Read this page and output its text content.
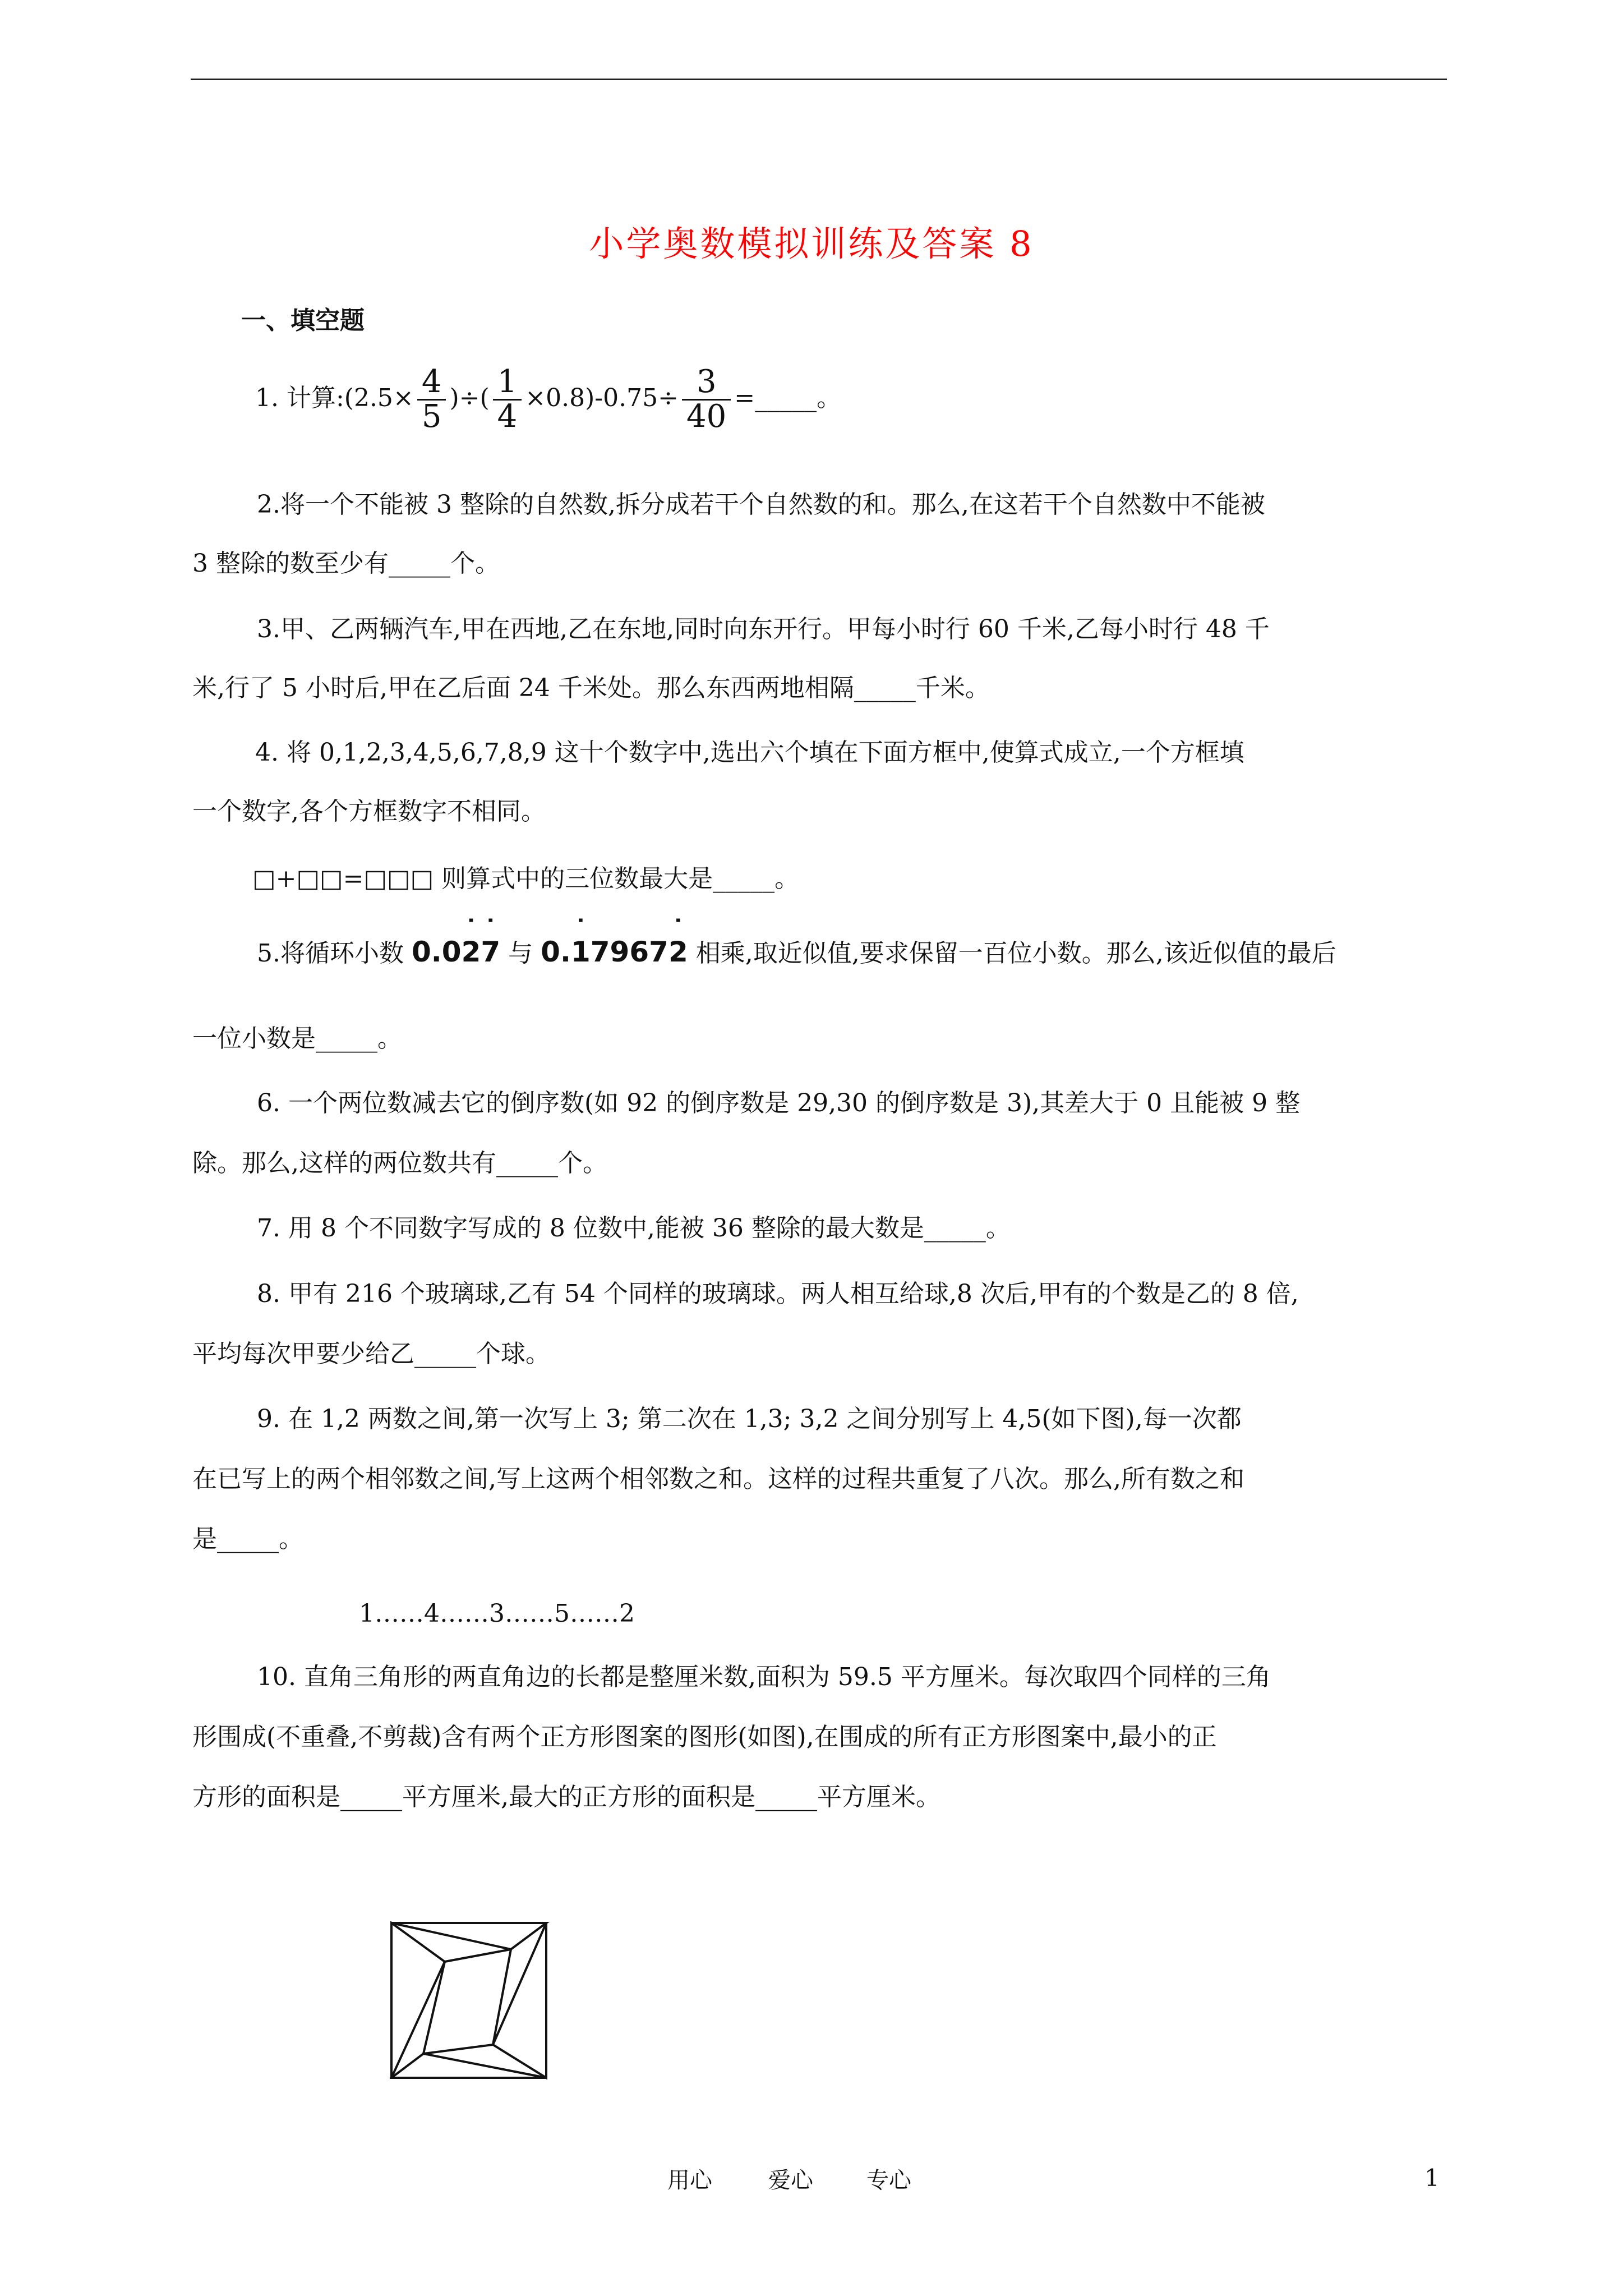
小学奥数模拟训练及答案 8
一、填空题
1. 计算:(2.5× $\frac{4}{5}$ )÷( $\frac{1}{4} \times 0.8)-0.75\div \frac{3}{40}$ =_____。
2.将一个不能被 3 整除的自然数,拆分成若干个自然数的和。那么,在这若干个自然数中不能被
3 整除的数至少有_____个。
3.甲、乙两辆汽车,甲在西地,乙在东地,同时向东开行。甲每小时行 60 千米,乙每小时行 48 千
米,行了 5 小时后,甲在乙后面 24 千米处。那么东西两地相隔_____千米。
4. 将 0,1,2,3,4,5,6,7,8,9 这十个数字中,选出六个填在下面方框中,使算式成立,一个方框填
一个数字,各个方框数字不相同。
□+□□=□□□ 则算式中的三位数最大是_____。
5.将循环小数 0.02 ˙7 ˙ 与 0.1 ˙79672 ˙ 相乘,取近似值,要求保留一百位小数。那么,该近似值的最后
一位小数是_____。
6. 一个两位数减去它的倒序数(如 92 的倒序数是 29,30 的倒序数是 3),其差大于 0 且能被 9 整
除。那么,这样的两位数共有_____个。
7. 用 8 个不同数字写成的 8 位数中,能被 36 整除的最大数是_____。
8. 甲有 216 个玻璃球,乙有 54 个同样的玻璃球。两人相互给球,8 次后,甲有的个数是乙的 8 倍,
平均每次甲要少给乙_____个球。
9. 在 1,2 两数之间,第一次写上 3; 第二次在 1,3; 3,2 之间分别写上 4,5(如下图),每一次都
在已写上的两个相邻数之间,写上这两个相邻数之和。这样的过程共重复了八次。那么,所有数之和
是_____。
1……4……3……5……2
10. 直角三角形的两直角边的长都是整厘米数,面积为 59.5 平方厘米。每次取四个同样的三角
形围成(不重叠,不剪裁)含有两个正方形图案的图形(如图),在围成的所有正方形图案中,最小的正
方形的面积是_____平方厘米,最大的正方形的面积是_____平方厘米。
用心	爱心 专心	1
